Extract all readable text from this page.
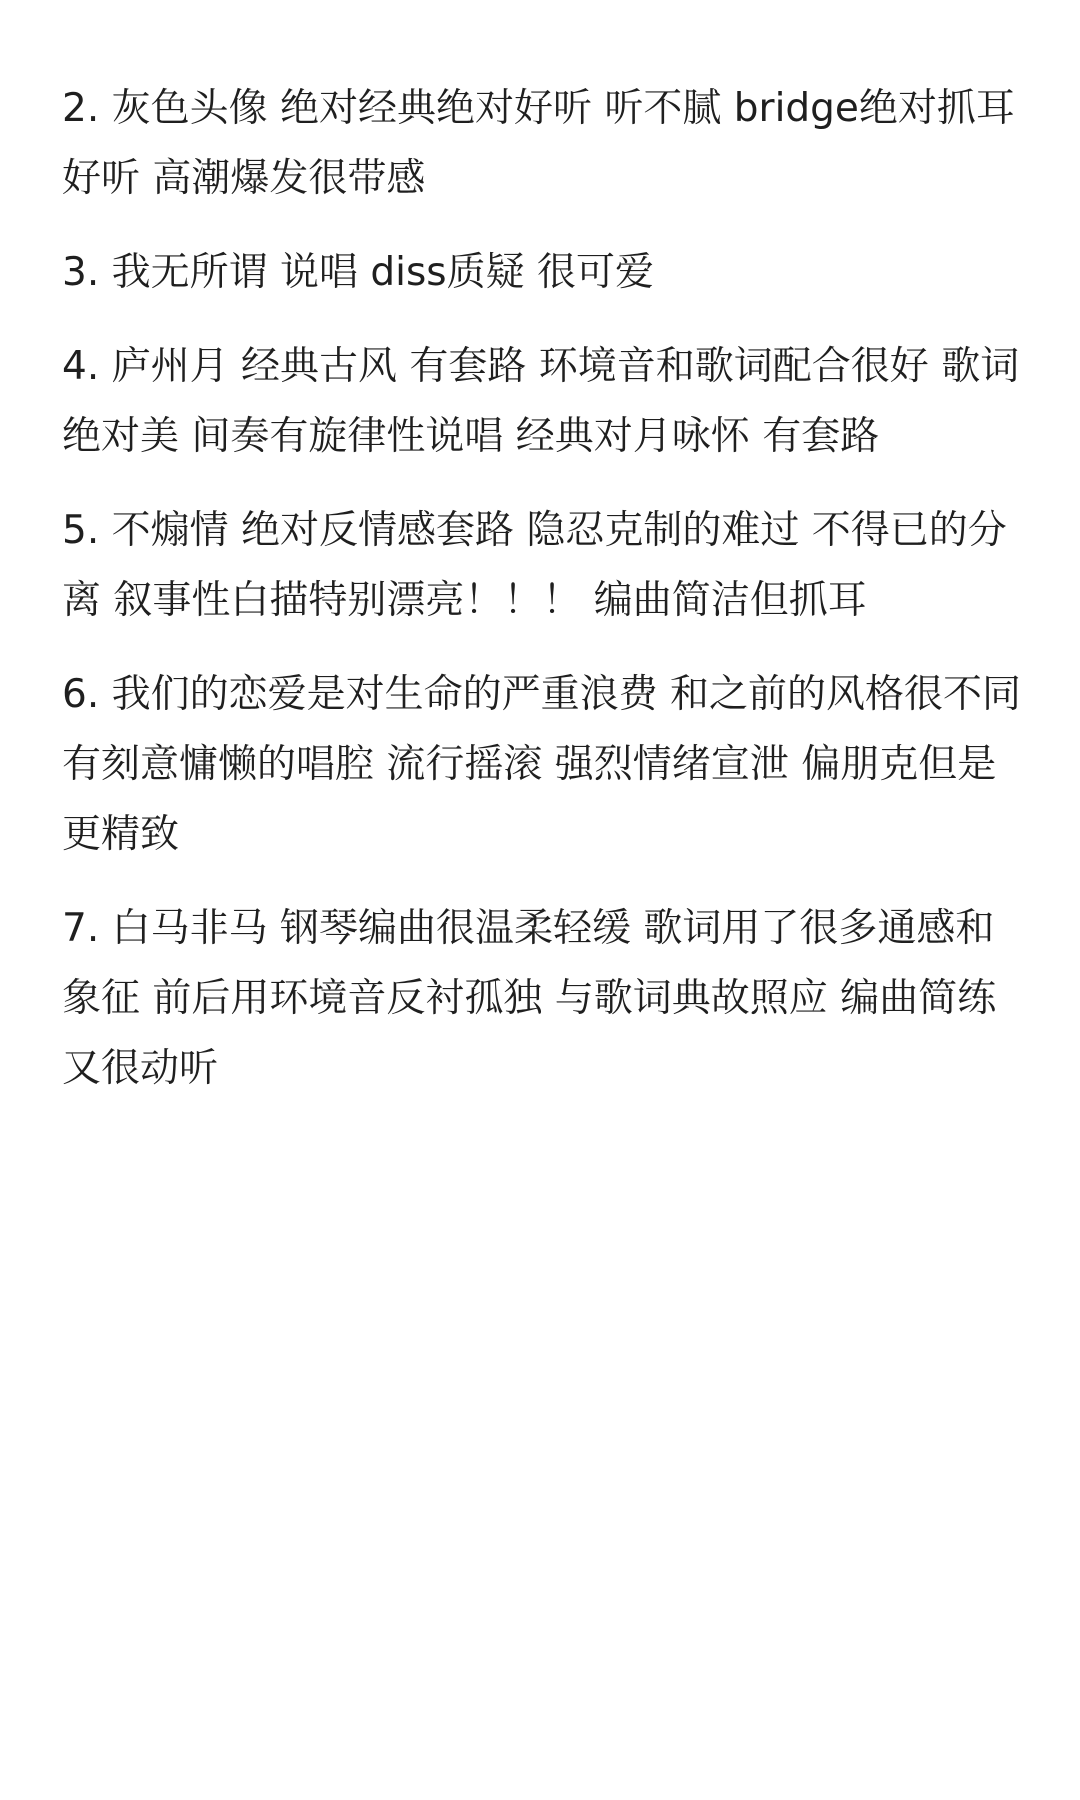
2. 灰色头像 绝对经典绝对好听 听不腻 bridge绝对抓耳好听 高潮爆发很带感
3. 我无所谓 说唱 diss质疑 很可爱
4. 庐州月 经典古风 有套路 环境音和歌词配合很好 歌词绝对美 间奏有旋律性说唱 经典对月咏怀 有套路
5. 不煽情 绝对反情感套路 隐忍克制的难过 不得已的分离 叙事性白描特别漂亮！！！ 编曲简洁但抓耳
6. 我们的恋爱是对生命的严重浪费 和之前的风格很不同 有刻意慵懒的唱腔 流行摇滚 强烈情绪宣泄 偏朋克但是更精致
7. 白马非马 钢琴编曲很温柔轻缓 歌词用了很多通感和象征 前后用环境音反衬孤独 与歌词典故照应 编曲简练又很动听
